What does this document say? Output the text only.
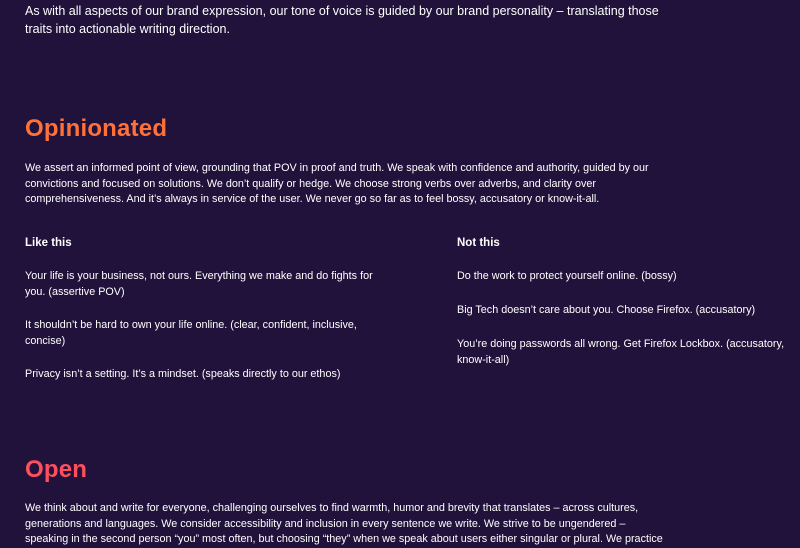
As with all aspects of our brand expression, our tone of voice is guided by our brand personality – translating those traits into actionable writing direction.

Opinionated

We assert an informed point of view, grounding that POV in proof and truth. We speak with confidence and authority, guided by our convictions and focused on solutions. We don’t qualify or hedge. We choose strong verbs over adverbs, and clarity over comprehensiveness. And it’s always in service of the user. We never go so far as to feel bossy, accusatory or know-it-all.

Like this	Not this

Your life is your business, not ours. Everything we make and do fights for you. (assertive POV)

It shouldn’t be hard to own your life online. (clear, confident, inclusive, concise)

Privacy isn’t a setting. It’s a mindset. (speaks directly to our ethos)

Do the work to protect yourself online. (bossy)

Big Tech doesn’t care about you. Choose Firefox. (accusatory)

You’re doing passwords all wrong. Get Firefox Lockbox. (accusatory, know-it-all)

Open

We think about and write for everyone, challenging ourselves to find warmth, humor and brevity that translates – across cultures, generations and languages. We consider accessibility and inclusion in every sentence we write. We strive to be ungendered – speaking in the second person “you” most often, but choosing “they” when we speak about users either singular or plural. We practice
